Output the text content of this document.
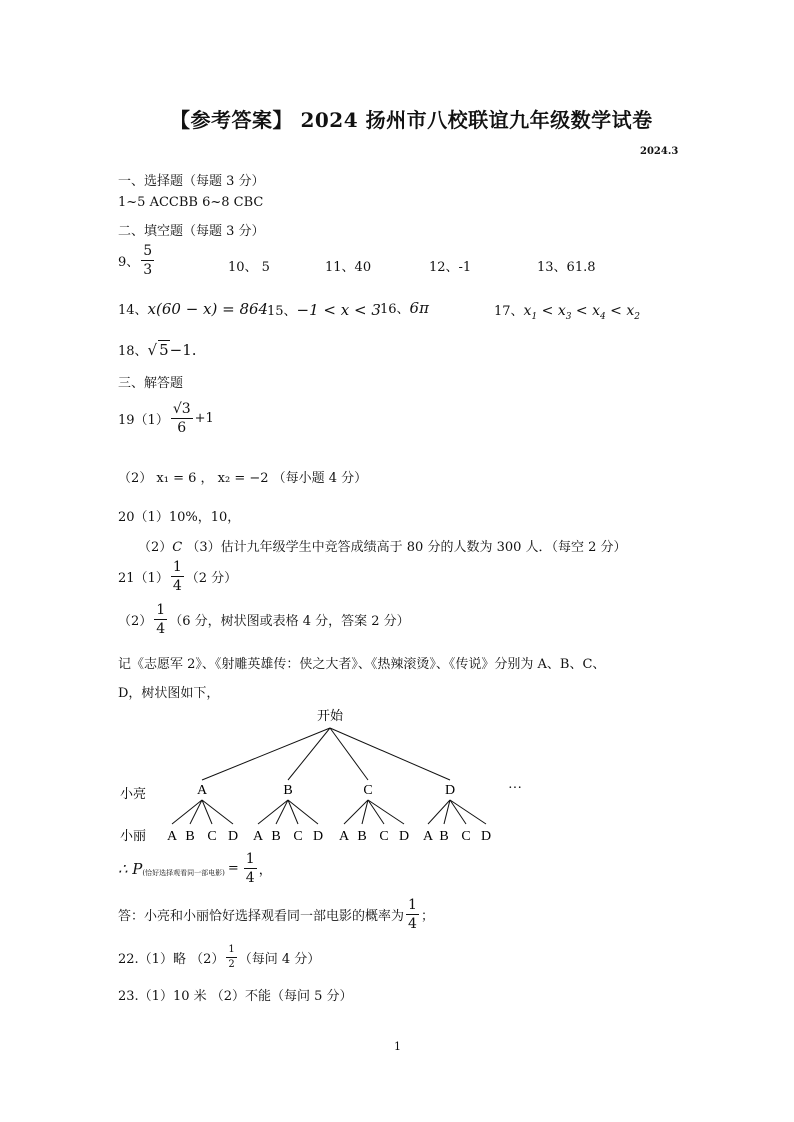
【参考答案】 2024 扬州市八校联谊九年级数学试卷
2024.3
一、选择题（每题 3 分）
1~5 ACCBB 6~8 CBC
二、填空题（每题 3 分）
9、 $\frac{5}{3}$	10、 5	11、40	12、-1	13、61.8
14、x(60 − x) = 864
15、−1 < x < 3 16、6π	17、$x_1 < x_3 < x_4 < x_2$
18、√ 5−1.
三、解答题
$19(1) \frac{√3}{6} +1$
（2） x₁ = 6 ， x₂ = −2 （每小题 4 分）
20（1）10%，10，
（2）C （3）估计九年级学生中竞答成绩高于 80 分的人数为 300 人．（每空 2 分）
$21(1) \frac{1}{4} (2$ 分）
$(2) \frac{1}{4} (6$ 分，树状图或表格 4 分，答案 2 分）
记《志愿军 2》、《射雕英雄传：侠之大者》、《热辣滚烫》、《传说》分别为 A、B、C、
D，树状图如下，
开始
小亮	A	B	C	D	···
小丽 A B C D A B C D A B C D A B C D
∴ P (恰好选择观看同一部电影) = $\frac{1}{4}$ ，
答：小亮和小丽恰好选择观看同一部电影的概率为 $\frac{1}{4}$ ；
22.（1）略 $(2) \frac{1}{2}$ （每问 4 分）
23.（1）10 米 （2）不能（每问 5 分）
1
